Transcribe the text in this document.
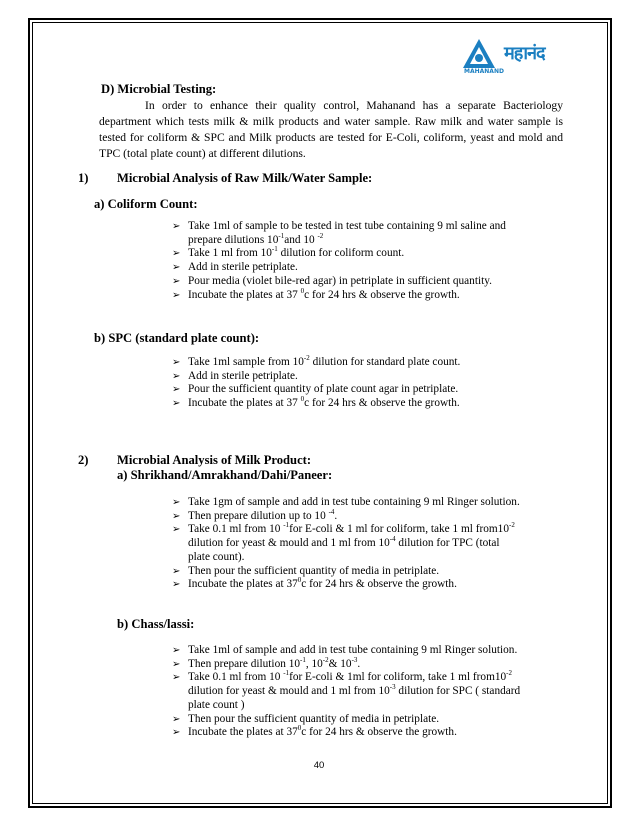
महानंद
MAHANAND
D) Microbial Testing:
In order to enhance their quality control, Mahanand has a separate Bacteriology department which tests milk & milk products and water sample. Raw milk and water sample is tested for coliform & SPC and Milk products are tested for E-Coli, coliform, yeast and mold and TPC (total plate count) at different dilutions.
1) Microbial Analysis of Raw Milk/Water Sample:
a) Coliform Count:
➢ Take 1ml of sample to be tested in test tube containing 9 ml saline and
prepare dilutions $10^{-1}and$ 10 $^{-2}$
➢ Take 1 ml from $10^{-1}$ dilution for coliform count.
➢ Add in sterile petriplate.
➢ Pour media (violet bile-red agar) in petriplate in sufficient quantity.
➢ Incubate the plates at 37 $^0$c for 24 hrs & observe the growth.
b) SPC (standard plate count):
➢ Take 1ml sample from $10^{-2}$ dilution for standard plate count.
➢ Add in sterile petriplate.
➢ Pour the sufficient quantity of plate count agar in petriplate.
➢ Incubate the plates at 37 $^0$c for 24 hrs & observe the growth.
2) Microbial Analysis of Milk Product:
a) Shrikhand/Amrakhand/Dahi/Paneer:
➢ Take 1gm of sample and add in test tube containing 9 ml Ringer solution.
➢ Then prepare dilution up to 10 $^{-4}$.
➢ Take 0.1 ml from 10 $^{-1}$for E-coli & 1 ml for coliform, take 1 ml $from10^{-2}$
dilution for yeast & mould and 1 ml from $10^{-4}$ dilution for TPC (total
plate count).
➢ Then pour the sufficient quantity of media in petriplate.
➢ Incubate the plates at $37^0c$ for 24 hrs & observe the growth.
b) Chass/lassi:
➢ Take 1ml of sample and add in test tube containing 9 ml Ringer solution.
➢ Then prepare dilution $10^{-1}$, $10^{-2}\&$ $10^{-3}$.
➢ Take 0.1 ml from 10 $^{-1}$for E-coli & 1ml for coliform, take 1 ml $from10^{-2}$
dilution for yeast & mould and 1 ml from $10^{-3}$ dilution for SPC ( standard
plate count )
➢ Then pour the sufficient quantity of media in petriplate.
➢ Incubate the plates at $37^0c$ for 24 hrs & observe the growth.
40
